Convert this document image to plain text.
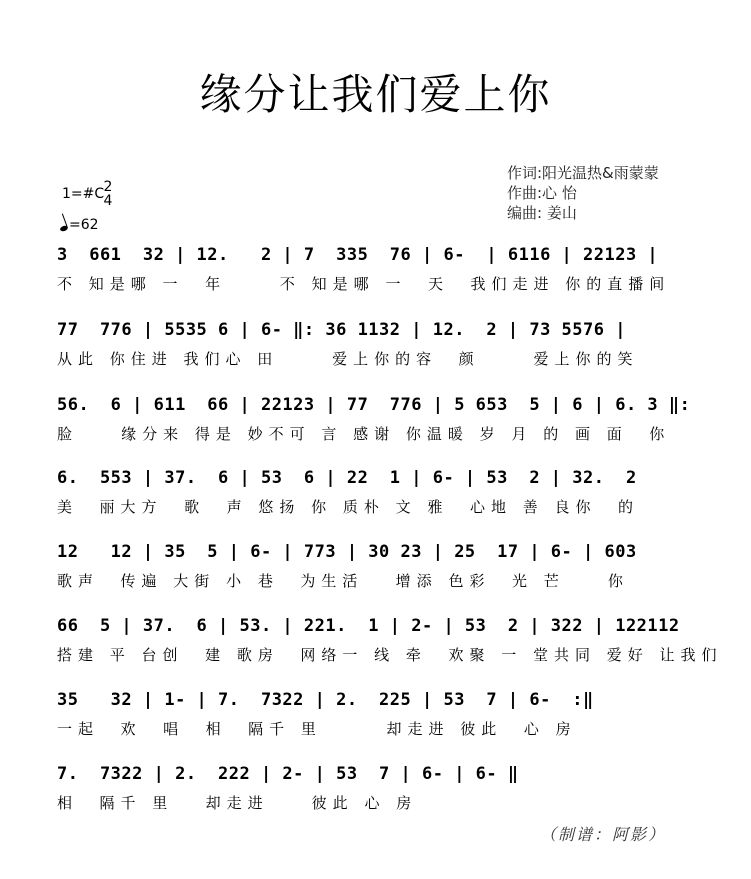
缘分让我们爱上你
作词:阳光温热&雨蒙蒙
作曲:心 怡
编曲: 姜山
1=#C 2
4
=62
3  661  32 | 12.   2 | 7  335  76 | 6-  | 6116 | 22123 |
不 知是哪 一  年     不 知是哪 一  天  我们走进 你的直播间
77  776 | 5535 6 | 6- ‖: 36 1132 | 12.  2 | 73 5576 |
从此 你住进 我们心 田     爱上你的容  颜     爱上你的笑
56.  6 | 611  66 | 22123 | 77  776 | 5 653  5 | 6 | 6. 3 ‖:
脸    缘分来 得是 妙不可 言 感谢 你温暖 岁 月 的 画 面  你
6.  553 | 37.  6 | 53  6 | 22  1 | 6- | 53  2 | 32.  2
美  丽大方  歌  声 悠扬 你 质朴 文 雅  心地 善 良你  的
12   12 | 35  5 | 6- | 773 | 30 23 | 25  17 | 6- | 603
歌声  传遍 大街 小 巷  为生活   增添 色彩  光 芒    你
66  5 | 37.  6 | 53. | 221.  1 | 2- | 53  2 | 322 | 122112
搭建 平 台创  建 歌房  网络一 线 牵  欢聚 一 堂共同 爱好 让我们
35   32 | 1- | 7.  7322 | 2.  225 | 53  7 | 6-  :‖
一起  欢  唱  相  隔千 里      却走进 彼此  心 房
7.  7322 | 2.  222 | 2- | 53  7 | 6- | 6- ‖
相  隔千 里   却走进    彼此 心 房
（制谱：阿影）
